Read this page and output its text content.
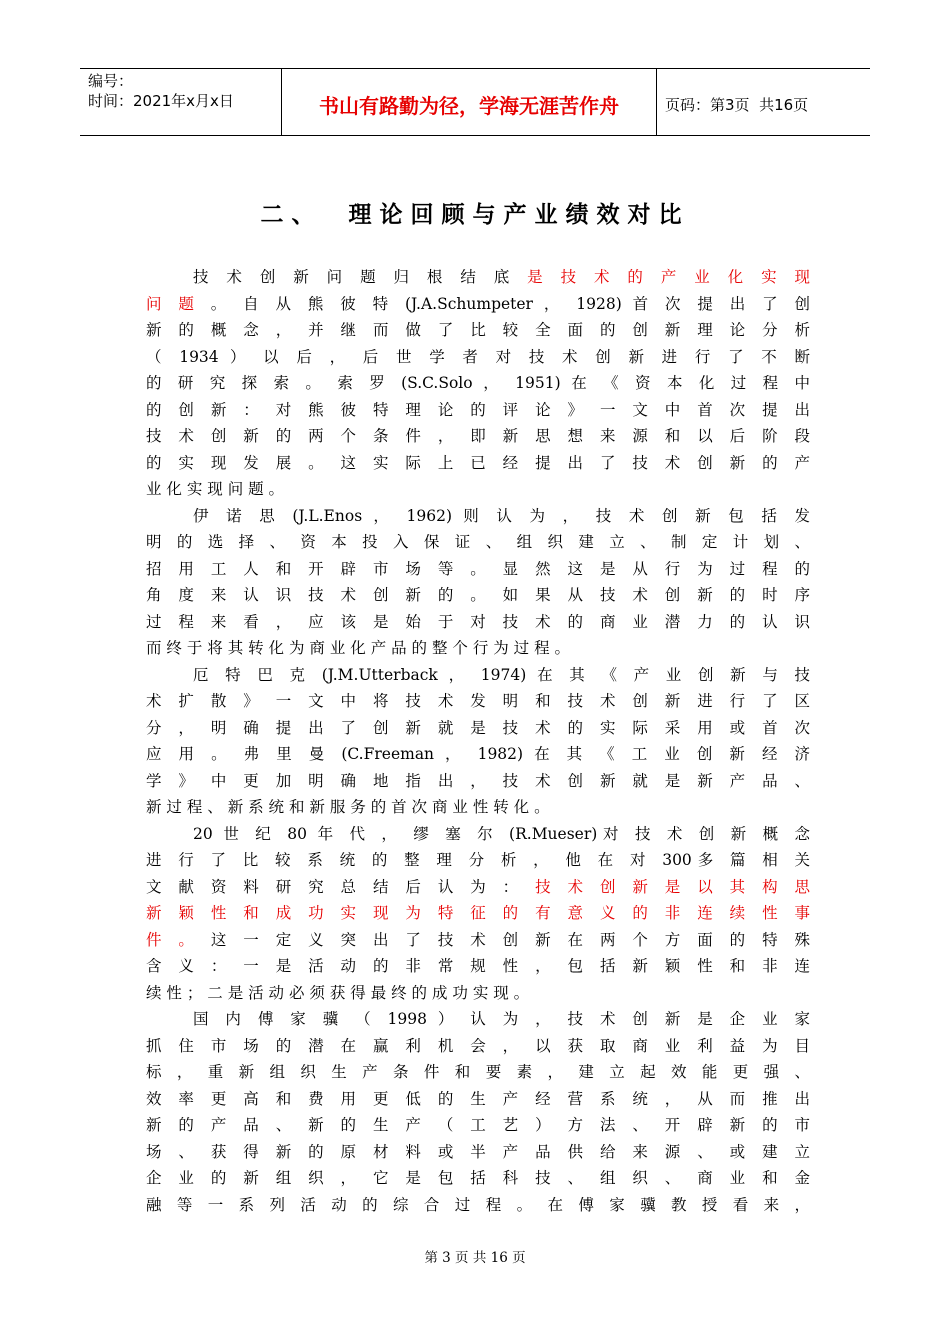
编号：
时间：2021年x月x日	书山有路勤为径，学海无涯苦作舟	页码：第3页  共16页
二、 理论回顾与产业绩效对比
技 术 创 新 问 题 归 根 结 底 是 技 术 的 产 业 化 实 现
问 题 。 自 从 熊 彼 特 (J.A.Schumpeter ， 1928) 首 次 提 出 了 创
新 的 概 念 ， 并 继 而 做 了 比 较 全 面 的 创 新 理 论 分 析
（ 1934 ） 以 后 ， 后 世 学 者 对 技 术 创 新 进 行 了 不 断
的 研 究 探 索 。 索 罗 (S.C.Solo ， 1951) 在 《 资 本 化 过 程 中
的 创 新 ： 对 熊 彼 特 理 论 的 评 论 》 一 文 中 首 次 提 出
技 术 创 新 的 两 个 条 件 ， 即 新 思 想 来 源 和 以 后 阶 段
的 实 现 发 展 。 这 实 际 上 已 经 提 出 了 技 术 创 新 的 产
业 化 实 现 问 题 。
伊 诺 思 (J.L.Enos ， 1962) 则 认 为 ， 技 术 创 新 包 括 发
明 的 选 择 、 资 本 投 入 保 证 、 组 织 建 立 、 制 定 计 划 、
招 用 工 人 和 开 辟 市 场 等 。 显 然 这 是 从 行 为 过 程 的
角 度 来 认 识 技 术 创 新 的 。 如 果 从 技 术 创 新 的 时 序
过 程 来 看 ， 应 该 是 始 于 对 技 术 的 商 业 潜 力 的 认 识
而 终 于 将 其 转 化 为 商 业 化 产 品 的 整 个 行 为 过 程 。
厄 特 巴 克 (J.M.Utterback ， 1974) 在 其 《 产 业 创 新 与 技
术 扩 散 》 一 文 中 将 技 术 发 明 和 技 术 创 新 进 行 了 区
分 ， 明 确 提 出 了 创 新 就 是 技 术 的 实 际 采 用 或 首 次
应 用 。 弗 里 曼 (C.Freeman ， 1982) 在 其 《 工 业 创 新 经 济
学 》 中 更 加 明 确 地 指 出 ， 技 术 创 新 就 是 新 产 品 、
新 过 程 、 新 系 统 和 新 服 务 的 首 次 商 业 性 转 化 。
20 世 纪 80 年 代 ， 缪 塞 尔 (R.Mueser)对 技 术 创 新 概 念
进 行 了 比 较 系 统 的 整 理 分 析 ， 他 在 对 300多 篇 相 关
文 献 资 料 研 究 总 结 后 认 为 ： 技 术 创 新 是 以 其 构 思
新 颖 性 和 成 功 实 现 为 特 征 的 有 意 义 的 非 连 续 性 事
件 。 这 一 定 义 突 出 了 技 术 创 新 在 两 个 方 面 的 特 殊
含 义 ： 一 是 活 动 的 非 常 规 性 ， 包 括 新 颖 性 和 非 连
续 性 ； 二 是 活 动 必 须 获 得 最 终 的 成 功 实 现 。
国 内 傅 家 骥 （ 1998 ） 认 为 ， 技 术 创 新 是 企 业 家
抓 住 市 场 的 潜 在 赢 利 机 会 ， 以 获 取 商 业 利 益 为 目
标 ， 重 新 组 织 生 产 条 件 和 要 素 ， 建 立 起 效 能 更 强 、
效 率 更 高 和 费 用 更 低 的 生 产 经 营 系 统 ， 从 而 推 出
新 的 产 品 、 新 的 生 产 （ 工 艺 ） 方 法 、 开 辟 新 的 市
场 、 获 得 新 的 原 材 料 或 半 产 品 供 给 来 源 、 或 建 立
企 业 的 新 组 织 ， 它 是 包 括 科 技 、 组 织 、 商 业 和 金
融 等 一 系 列 活 动 的 综 合 过 程 。 在 傅 家 骥 教 授 看 来 ，
第 3 页 共 16 页
